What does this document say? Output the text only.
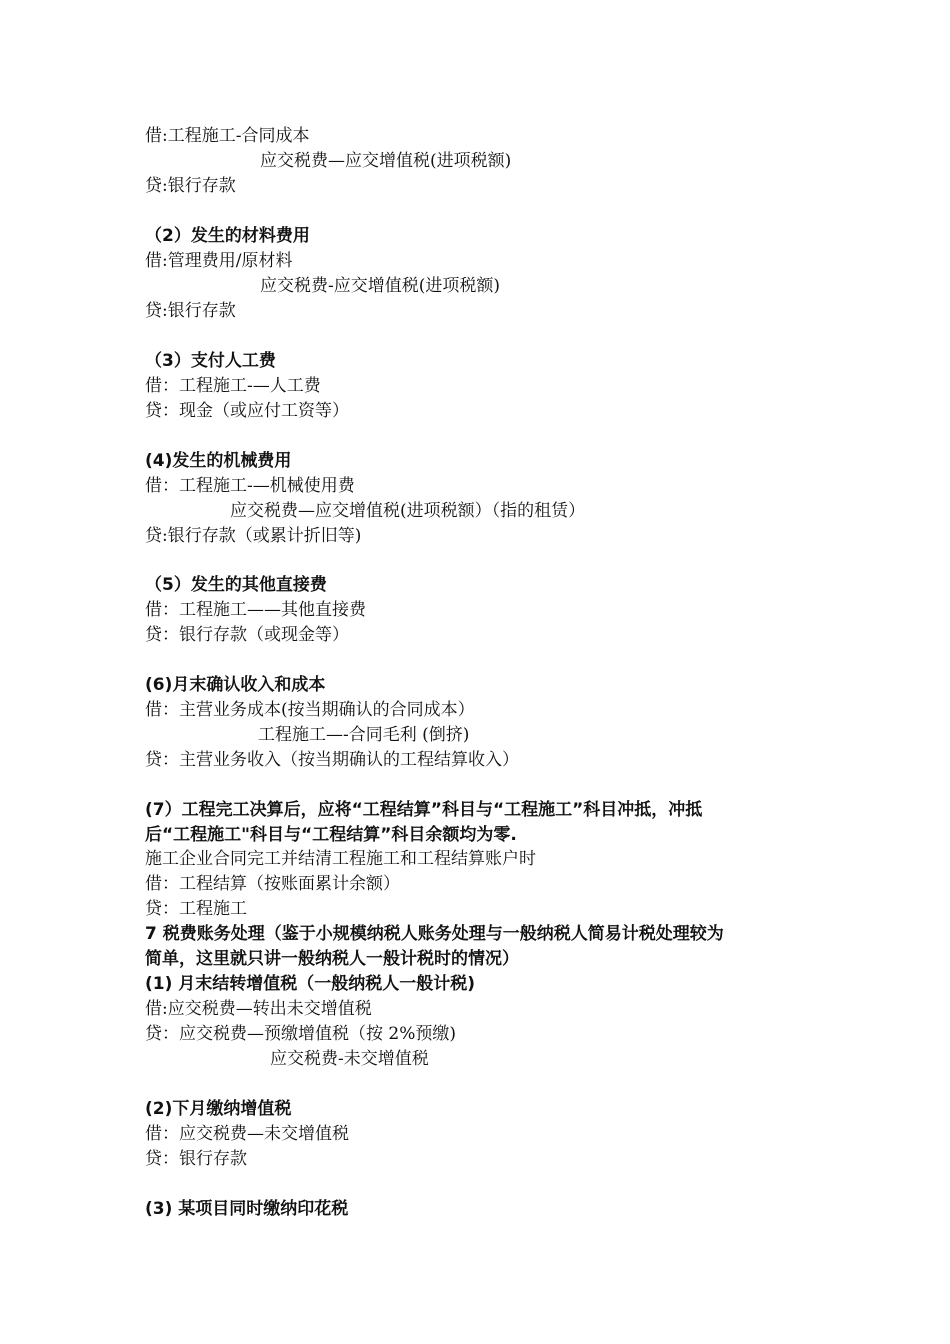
借:工程施工-合同成本
应交税费—应交增值税(进项税额)
贷:银行存款
（2）发生的材料费用
借:管理费用/原材料
应交税费-应交增值税(进项税额)
贷:银行存款
（3）支付人工费
借：工程施工-—人工费
贷：现金（或应付工资等）
(4)发生的机械费用
借：工程施工-—机械使用费
应交税费—应交增值税(进项税额）（指的租赁）
贷:银行存款（或累计折旧等)
（5）发生的其他直接费
借：工程施工——其他直接费
贷：银行存款（或现金等）
(6)月末确认收入和成本
借：主营业务成本(按当期确认的合同成本）
工程施工—-合同毛利 (倒挤)
贷：主营业务收入（按当期确认的工程结算收入）
(7）工程完工决算后，应将“工程结算”科目与“工程施工”科目冲抵，冲抵
后“工程施工"科目与“工程结算”科目余额均为零.
施工企业合同完工并结清工程施工和工程结算账户时
借：工程结算（按账面累计余额）
贷：工程施工
7 税费账务处理（鉴于小规模纳税人账务处理与一般纳税人简易计税处理较为
简单，这里就只讲一般纳税人一般计税时的情况）
(1) 月末结转增值税（一般纳税人一般计税)
借:应交税费—转出未交增值税
贷：应交税费—预缴增值税（按 2%预缴)
应交税费-未交增值税
(2)下月缴纳增值税
借：应交税费—未交增值税
贷：银行存款
(3) 某项目同时缴纳印花税
